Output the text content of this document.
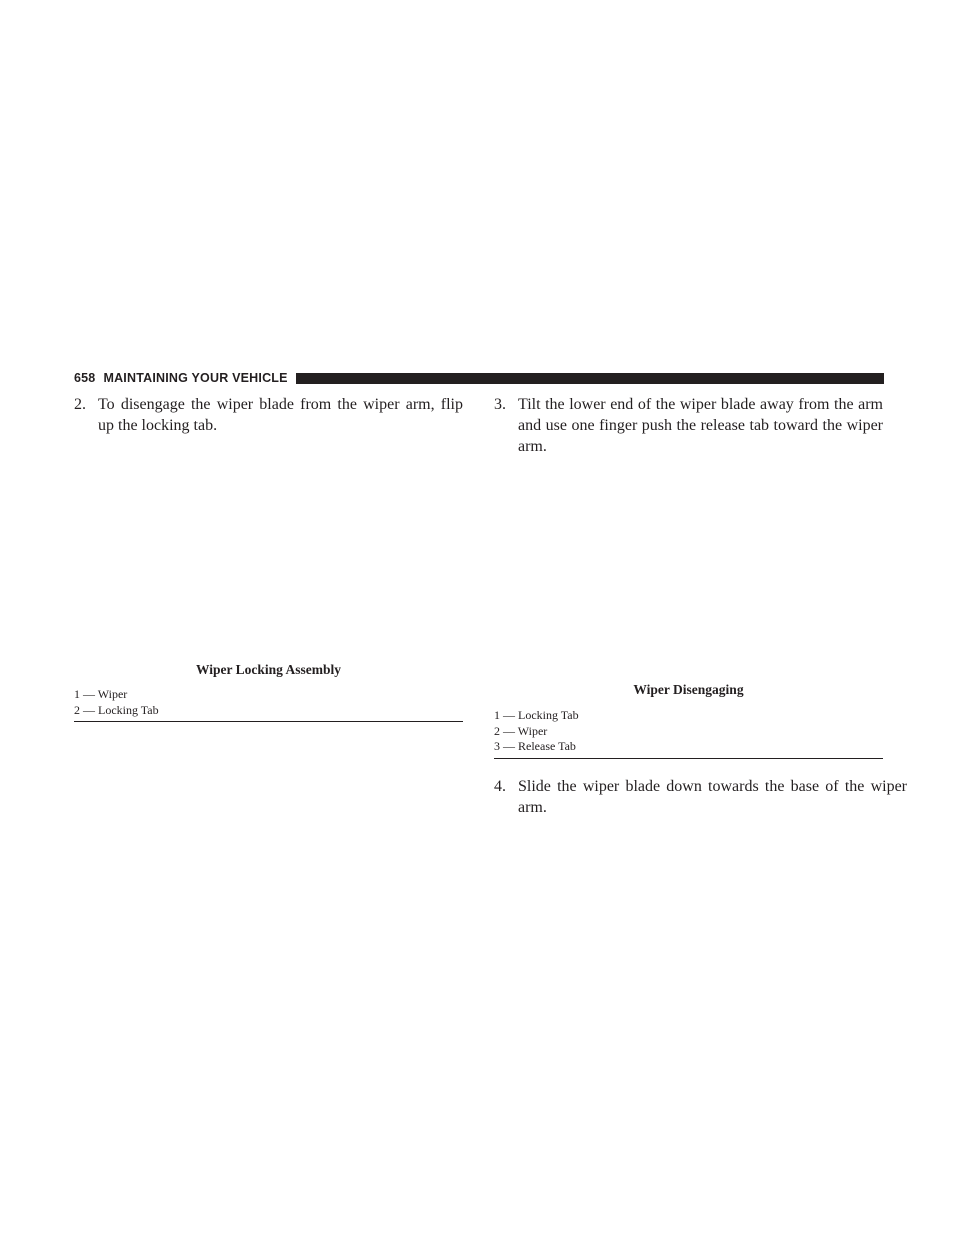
658 MAINTAINING YOUR VEHICLE

2. To disengage the wiper blade from the wiper arm, flip up the locking tab.

Wiper Locking Assembly
1 — Wiper
2 — Locking Tab

3. Tilt the lower end of the wiper blade away from the arm and use one finger push the release tab toward the wiper arm.

Wiper Disengaging
1 — Locking Tab
2 — Wiper
3 — Release Tab

4. Slide the wiper blade down towards the base of the wiper arm.
